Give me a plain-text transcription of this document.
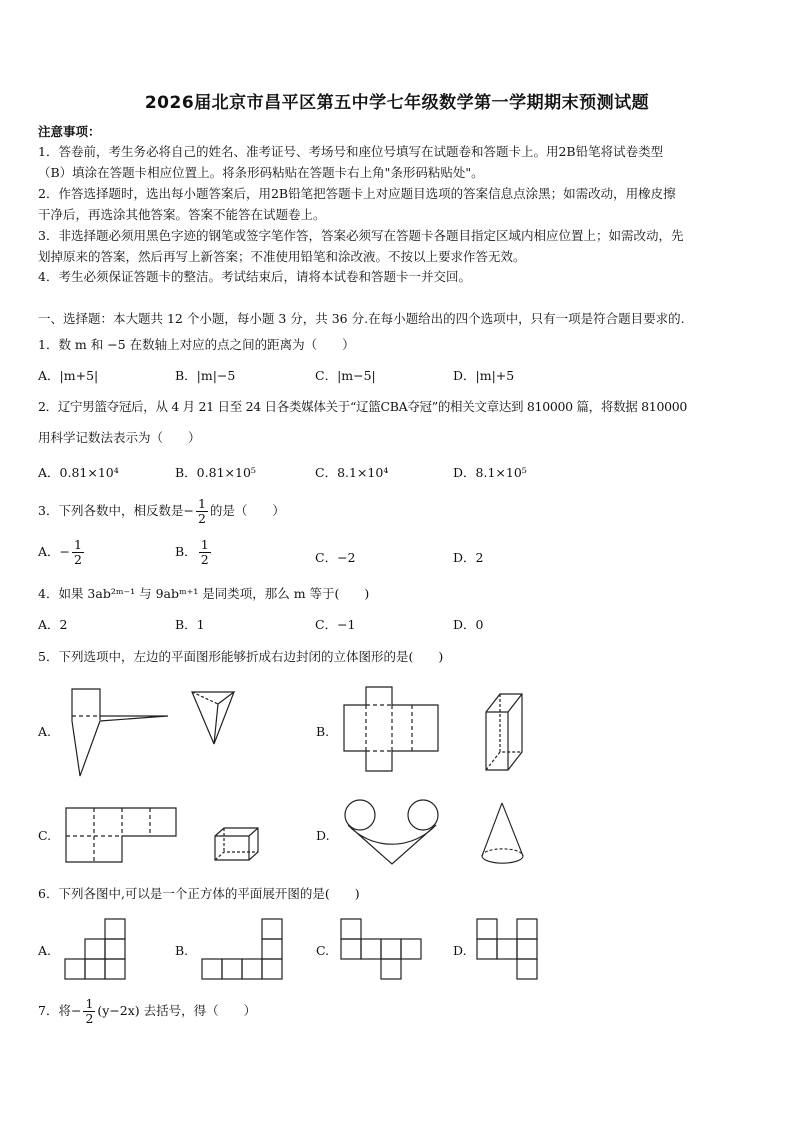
2026届北京市昌平区第五中学七年级数学第一学期期末预测试题
注意事项：
1．答卷前，考生务必将自己的姓名、准考证号、考场号和座位号填写在试题卷和答题卡上。用2B铅笔将试卷类型
（B）填涂在答题卡相应位置上。将条形码粘贴在答题卡右上角"条形码粘贴处"。
2．作答选择题时，选出每小题答案后，用2B铅笔把答题卡上对应题目选项的答案信息点涂黑；如需改动，用橡皮擦
干净后，再选涂其他答案。答案不能答在试题卷上。
3．非选择题必须用黑色字迹的钢笔或签字笔作答，答案必须写在答题卡各题目指定区域内相应位置上；如需改动，先
划掉原来的答案，然后再写上新答案；不准使用铅笔和涂改液。不按以上要求作答无效。
4．考生必须保证答题卡的整洁。考试结束后，请将本试卷和答题卡一并交回。
一、选择题：本大题共 12 个小题，每小题 3 分，共 36 分.在每小题给出的四个选项中，只有一项是符合题目要求的.
1．数 m 和 −5 在数轴上对应的点之间的距离为（　　）
A．|m+5|	B．|m|−5	C．|m−5|	D．|m|+5
2．辽宁男篮夺冠后，从 4 月 21 日至 24 日各类媒体关于“辽篮CBA夺冠”的相关文章达到 810000 篇，将数据 810000
用科学记数法表示为（　　）
A．0.81×10⁴	B．0.81×10⁵	C．8.1×10⁴	D．8.1×10⁵
3．下列各数中，相反数是− $\frac{1}{2}$ 的是（　　）
A．− $\frac{1}{2}$	B． $\frac{1}{2}$	C．−2	D．2
4．如果 3ab²ᵐ⁻¹ 与 9abᵐ⁺¹ 是同类项，那么 m 等于(　　)
A．2	B．1	C．−1	D．0
5．下列选项中，左边的平面图形能够折成右边封闭的立体图形的是(　　)
A.	B.
C.	D.
6．下列各图中,可以是一个正方体的平面展开图的是(　　)
A.	B.	C.	D.
7．将− $\frac{1}{2} (y-2x)$ 去括号，得（　　）
